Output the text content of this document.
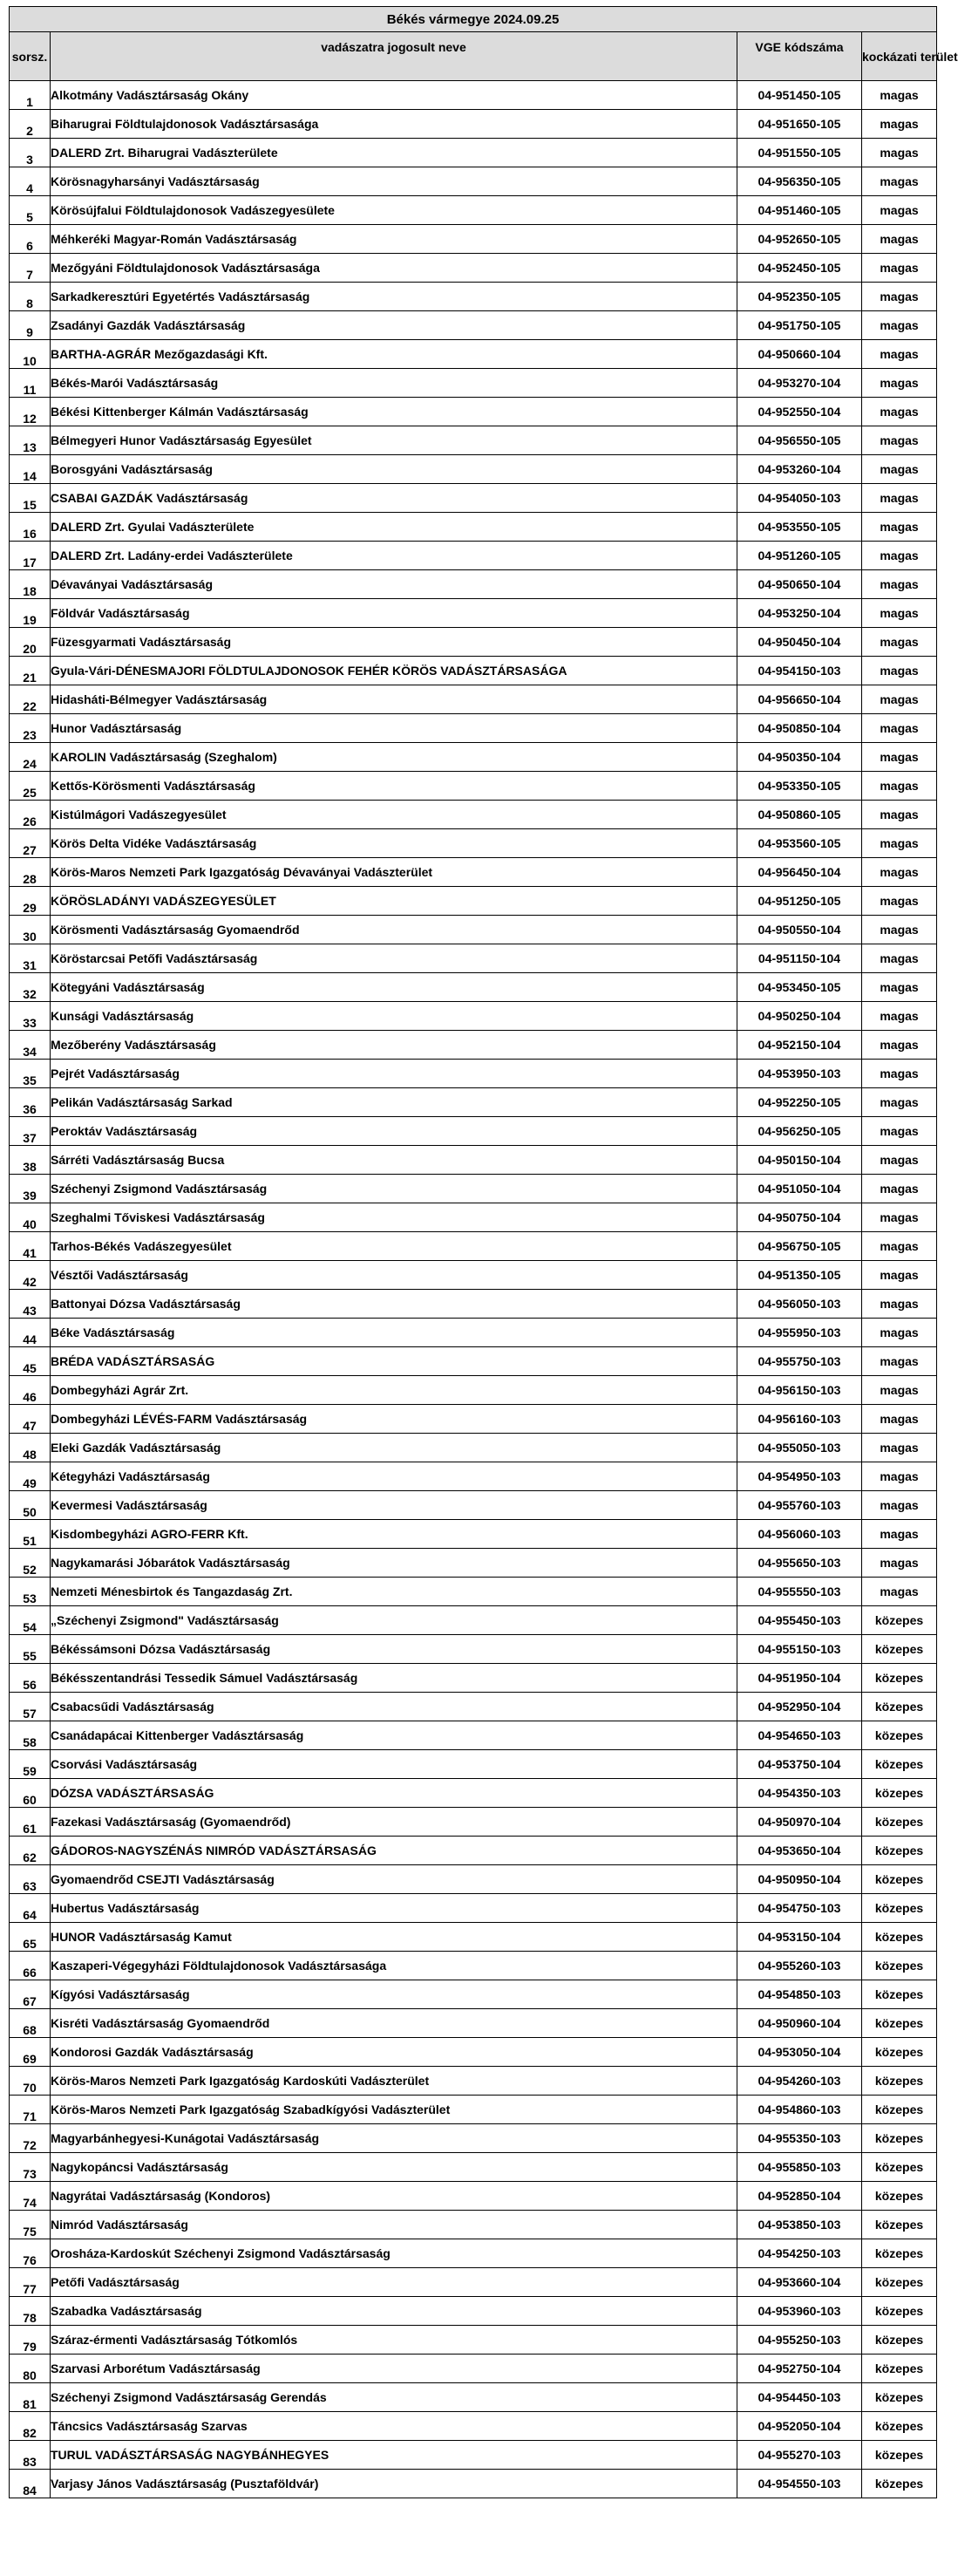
Békés vármegye 2024.09.25			
sorsz.	vadászatra jogosult neve	VGE kódszáma	kockázati terület
1	Alkotmány Vadásztársaság Okány	04-951450-105	magas
2	Biharugrai Földtulajdonosok Vadásztársasága	04-951650-105	magas
3	DALERD Zrt. Biharugrai Vadászterülete	04-951550-105	magas
4	Körösnagyharsányi Vadásztársaság	04-956350-105	magas
5	Körösújfalui Földtulajdonosok Vadászegyesülete	04-951460-105	magas
6	Méhkeréki Magyar-Román Vadásztársaság	04-952650-105	magas
7	Mezőgyáni Földtulajdonosok Vadásztársasága	04-952450-105	magas
8	Sarkadkeresztúri Egyetértés Vadásztársaság	04-952350-105	magas
9	Zsadányi Gazdák Vadásztársaság	04-951750-105	magas
10	BARTHA-AGRÁR Mezőgazdasági Kft.	04-950660-104	magas
11	Békés-Marói Vadásztársaság	04-953270-104	magas
12	Békési Kittenberger Kálmán Vadásztársaság	04-952550-104	magas
13	Bélmegyeri Hunor Vadásztársaság Egyesület	04-956550-105	magas
14	Borosgyáni Vadásztársaság	04-953260-104	magas
15	CSABAI GAZDÁK Vadásztársaság	04-954050-103	magas
16	DALERD Zrt. Gyulai Vadászterülete	04-953550-105	magas
17	DALERD Zrt. Ladány-erdei Vadászterülete	04-951260-105	magas
18	Dévaványai Vadásztársaság	04-950650-104	magas
19	Földvár Vadásztársaság	04-953250-104	magas
20	Füzesgyarmati Vadásztársaság	04-950450-104	magas
21	Gyula-Vári-DÉNESMAJORI FÖLDTULAJDONOSOK FEHÉR KÖRÖS VADÁSZTÁRSASÁGA	04-954150-103	magas
22	Hidasháti-Bélmegyer Vadásztársaság	04-956650-104	magas
23	Hunor Vadásztársaság	04-950850-104	magas
24	KAROLIN Vadásztársaság (Szeghalom)	04-950350-104	magas
25	Kettős-Körösmenti Vadásztársaság	04-953350-105	magas
26	Kistúlmágori Vadászegyesület	04-950860-105	magas
27	Körös Delta Vidéke Vadásztársaság	04-953560-105	magas
28	Körös-Maros Nemzeti Park Igazgatóság Dévaványai Vadászterület	04-956450-104	magas
29	KÖRÖSLADÁNYI VADÁSZEGYESÜLET	04-951250-105	magas
30	Körösmenti Vadásztársaság Gyomaendrőd	04-950550-104	magas
31	Köröstarcsai Petőfi Vadásztársaság	04-951150-104	magas
32	Kötegyáni Vadásztársaság	04-953450-105	magas
33	Kunsági Vadásztársaság	04-950250-104	magas
34	Mezőberény Vadásztársaság	04-952150-104	magas
35	Pejrét Vadásztársaság	04-953950-103	magas
36	Pelikán Vadásztársaság Sarkad	04-952250-105	magas
37	Peroktáv Vadásztársaság	04-956250-105	magas
38	Sárréti Vadásztársaság Bucsa	04-950150-104	magas
39	Széchenyi Zsigmond Vadásztársaság	04-951050-104	magas
40	Szeghalmi Tőviskesi Vadásztársaság	04-950750-104	magas
41	Tarhos-Békés Vadászegyesület	04-956750-105	magas
42	Vésztői Vadásztársaság	04-951350-105	magas
43	Battonyai Dózsa Vadásztársaság	04-956050-103	magas
44	Béke Vadásztársaság	04-955950-103	magas
45	BRÉDA VADÁSZTÁRSASÁG	04-955750-103	magas
46	Dombegyházi Agrár Zrt.	04-956150-103	magas
47	Dombegyházi LÉVÉS-FARM Vadásztársaság	04-956160-103	magas
48	Eleki Gazdák Vadásztársaság	04-955050-103	magas
49	Kétegyházi Vadásztársaság	04-954950-103	magas
50	Kevermesi Vadásztársaság	04-955760-103	magas
51	Kisdombegyházi AGRO-FERR Kft.	04-956060-103	magas
52	Nagykamarási Jóbarátok Vadásztársaság	04-955650-103	magas
53	Nemzeti Ménesbirtok és Tangazdaság Zrt.	04-955550-103	magas
54	„Széchenyi Zsigmond" Vadásztársaság	04-955450-103	közepes
55	Békéssámsoni Dózsa Vadásztársaság	04-955150-103	közepes
56	Békésszentandrási Tessedik Sámuel Vadásztársaság	04-951950-104	közepes
57	Csabacsűdi Vadásztársaság	04-952950-104	közepes
58	Csanádapácai Kittenberger Vadásztársaság	04-954650-103	közepes
59	Csorvási Vadásztársaság	04-953750-104	közepes
60	DÓZSA VADÁSZTÁRSASÁG	04-954350-103	közepes
61	Fazekasi Vadásztársaság (Gyomaendrőd)	04-950970-104	közepes
62	GÁDOROS-NAGYSZÉNÁS NIMRÓD VADÁSZTÁRSASÁG	04-953650-104	közepes
63	Gyomaendrőd CSEJTI Vadásztársaság	04-950950-104	közepes
64	Hubertus Vadásztársaság	04-954750-103	közepes
65	HUNOR Vadásztársaság Kamut	04-953150-104	közepes
66	Kaszaperi-Végegyházi Földtulajdonosok Vadásztársasága	04-955260-103	közepes
67	Kígyósi Vadásztársaság	04-954850-103	közepes
68	Kisréti Vadásztársaság Gyomaendrőd	04-950960-104	közepes
69	Kondorosi Gazdák Vadásztársaság	04-953050-104	közepes
70	Körös-Maros Nemzeti Park Igazgatóság Kardoskúti Vadászterület	04-954260-103	közepes
71	Körös-Maros Nemzeti Park Igazgatóság Szabadkígyósi Vadászterület	04-954860-103	közepes
72	Magyarbánhegyesi-Kunágotai Vadásztársaság	04-955350-103	közepes
73	Nagykopáncsi Vadásztársaság	04-955850-103	közepes
74	Nagyrátai Vadásztársaság (Kondoros)	04-952850-104	közepes
75	Nimród Vadásztársaság	04-953850-103	közepes
76	Orosháza-Kardoskút Széchenyi Zsigmond Vadásztársaság	04-954250-103	közepes
77	Petőfi Vadásztársaság	04-953660-104	közepes
78	Szabadka Vadásztársaság	04-953960-103	közepes
79	Száraz-érmenti Vadásztársaság Tótkomlós	04-955250-103	közepes
80	Szarvasi Arborétum Vadásztársaság	04-952750-104	közepes
81	Széchenyi Zsigmond Vadásztársaság Gerendás	04-954450-103	közepes
82	Táncsics Vadásztársaság Szarvas	04-952050-104	közepes
83	TURUL VADÁSZTÁRSASÁG NAGYBÁNHEGYES	04-955270-103	közepes
84	Varjasy János Vadásztársaság (Pusztaföldvár)	04-954550-103	közepes
